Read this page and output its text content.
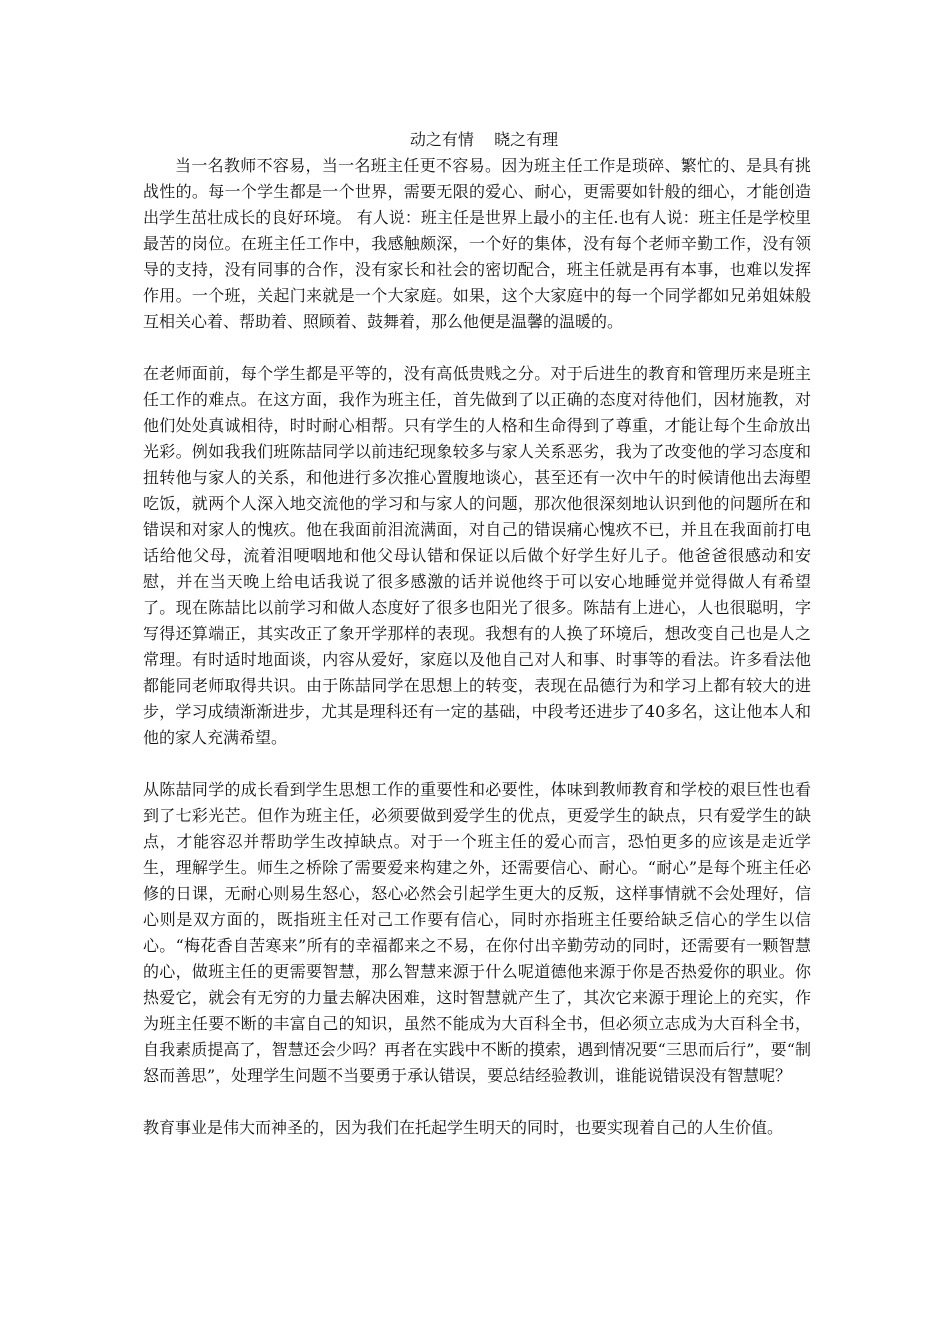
动之有情    晓之有理

当一名教师不容易，当一名班主任更不容易。因为班主任工作是琐碎、繁忙的、是具有挑战性的。每一个学生都是一个世界，需要无限的爱心、耐心，更需要如针般的细心，才能创造出学生茁壮成长的良好环境。 有人说：班主任是世界上最小的主任.也有人说：班主任是学校里最苦的岗位。在班主任工作中，我感触颇深，一个好的集体，没有每个老师辛勤工作，没有领导的支持，没有同事的合作，没有家长和社会的密切配合，班主任就是再有本事，也难以发挥作用。一个班，关起门来就是一个大家庭。如果，这个大家庭中的每一个同学都如兄弟姐妹般互相关心着、帮助着、照顾着、鼓舞着，那么他便是温馨的温暖的。

在老师面前，每个学生都是平等的，没有高低贵贱之分。对于后进生的教育和管理历来是班主任工作的难点。在这方面，我作为班主任，首先做到了以正确的态度对待他们，因材施教，对他们处处真诚相待，时时耐心相帮。只有学生的人格和生命得到了尊重，才能让每个生命放出光彩。例如我我们班陈喆同学以前违纪现象较多与家人关系恶劣，我为了改变他的学习态度和扭转他与家人的关系，和他进行多次推心置腹地谈心，甚至还有一次中午的时候请他出去海塱吃饭，就两个人深入地交流他的学习和与家人的问题，那次他很深刻地认识到他的问题所在和错误和对家人的愧疚。他在我面前泪流满面，对自己的错误痛心愧疚不已，并且在我面前打电话给他父母，流着泪哽咽地和他父母认错和保证以后做个好学生好儿子。他爸爸很感动和安慰，并在当天晚上给电话我说了很多感激的话并说他终于可以安心地睡觉并觉得做人有希望了。现在陈喆比以前学习和做人态度好了很多也阳光了很多。陈喆有上进心，人也很聪明，字写得还算端正，其实改正了象开学那样的表现。我想有的人换了环境后，想改变自己也是人之常理。有时适时地面谈，内容从爱好，家庭以及他自己对人和事、时事等的看法。许多看法他都能同老师取得共识。由于陈喆同学在思想上的转变，表现在品德行为和学习上都有较大的进步，学习成绩渐渐进步，尤其是理科还有一定的基础，中段考还进步了40多名，这让他本人和他的家人充满希望。

从陈喆同学的成长看到学生思想工作的重要性和必要性，体味到教师教育和学校的艰巨性也看到了七彩光芒。但作为班主任，必须要做到爱学生的优点，更爱学生的缺点，只有爱学生的缺点，才能容忍并帮助学生改掉缺点。对于一个班主任的爱心而言，恐怕更多的应该是走近学生，理解学生。师生之桥除了需要爱来构建之外，还需要信心、耐心。“耐心”是每个班主任必修的日课，无耐心则易生怒心，怒心必然会引起学生更大的反叛，这样事情就不会处理好，信心则是双方面的，既指班主任对己工作要有信心，同时亦指班主任要给缺乏信心的学生以信心。“梅花香自苦寒来”所有的幸福都来之不易，在你付出辛勤劳动的同时，还需要有一颗智慧的心，做班主任的更需要智慧，那么智慧来源于什么呢道德他来源于你是否热爱你的职业。你热爱它，就会有无穷的力量去解决困难，这时智慧就产生了，其次它来源于理论上的充实，作为班主任要不断的丰富自己的知识，虽然不能成为大百科全书，但必须立志成为大百科全书，自我素质提高了，智慧还会少吗？再者在实践中不断的摸索，遇到情况要“三思而后行”，要“制怒而善思”，处理学生问题不当要勇于承认错误，要总结经验教训，谁能说错误没有智慧呢？

教育事业是伟大而神圣的，因为我们在托起学生明天的同时，也要实现着自己的人生价值。
